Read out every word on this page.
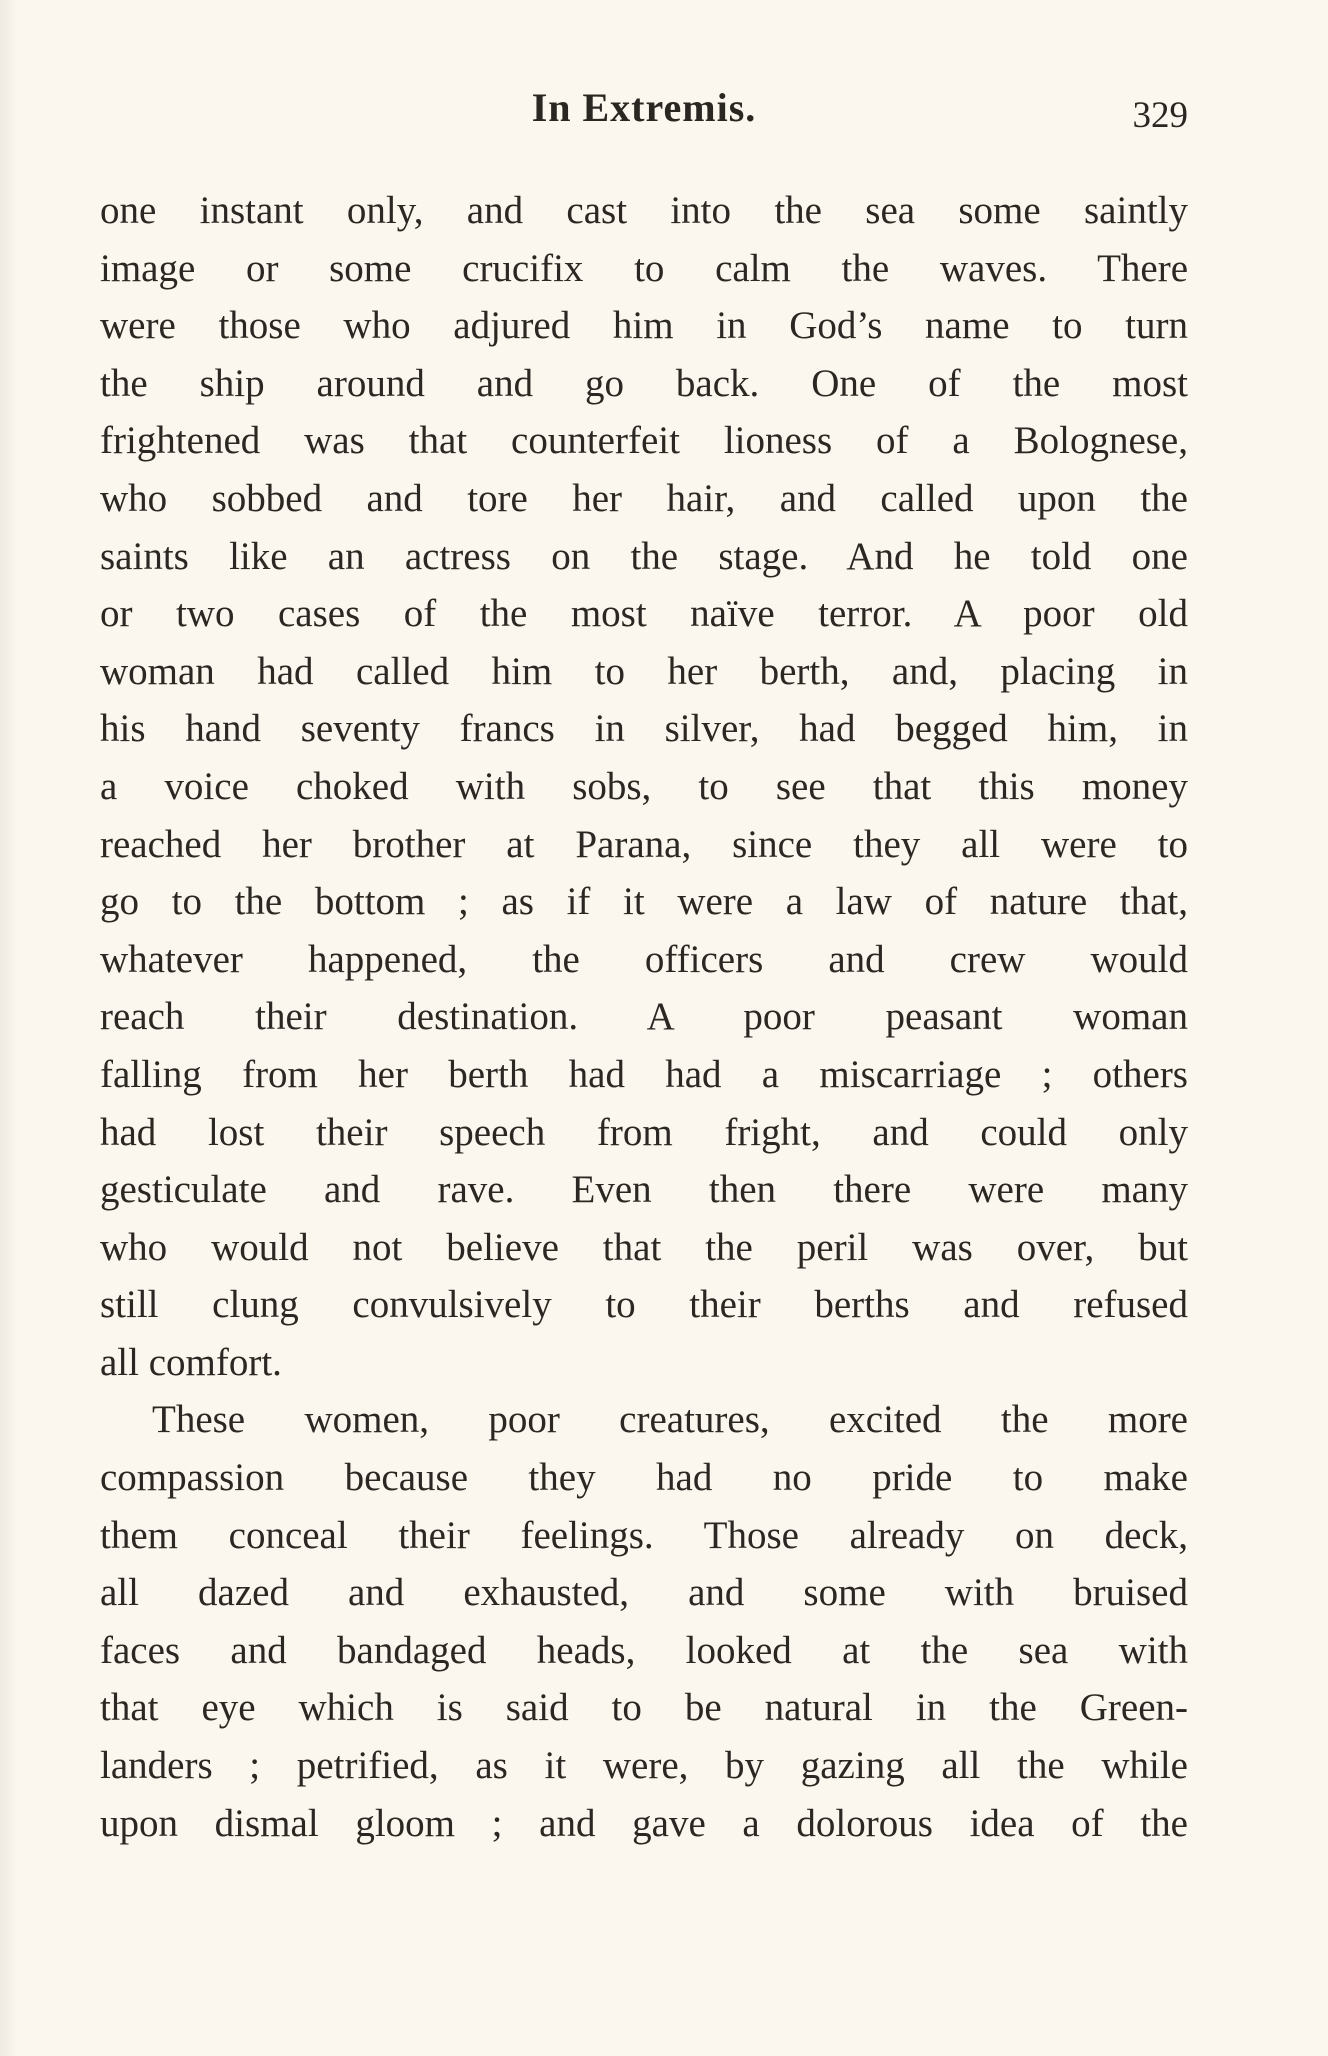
In Extremis.	329
one instant only, and cast into the sea some saintly
image or some crucifix to calm the waves. There
were those who adjured him in God’s name to turn
the ship around and go back. One of the most
frightened was that counterfeit lioness of a Bolognese,
who sobbed and tore her hair, and called upon the
saints like an actress on the stage. And he told one
or two cases of the most naïve terror. A poor old
woman had called him to her berth, and, placing in
his hand seventy francs in silver, had begged him, in
a voice choked with sobs, to see that this money
reached her brother at Parana, since they all were to
go to the bottom ; as if it were a law of nature that,
whatever happened, the officers and crew would
reach their destination. A poor peasant woman
falling from her berth had had a miscarriage ; others
had lost their speech from fright, and could only
gesticulate and rave. Even then there were many
who would not believe that the peril was over, but
still clung convulsively to their berths and refused
all comfort.
These women, poor creatures, excited the more
compassion because they had no pride to make
them conceal their feelings. Those already on deck,
all dazed and exhausted, and some with bruised
faces and bandaged heads, looked at the sea with
that eye which is said to be natural in the Green-
landers ; petrified, as it were, by gazing all the while
upon dismal gloom ; and gave a dolorous idea of the
